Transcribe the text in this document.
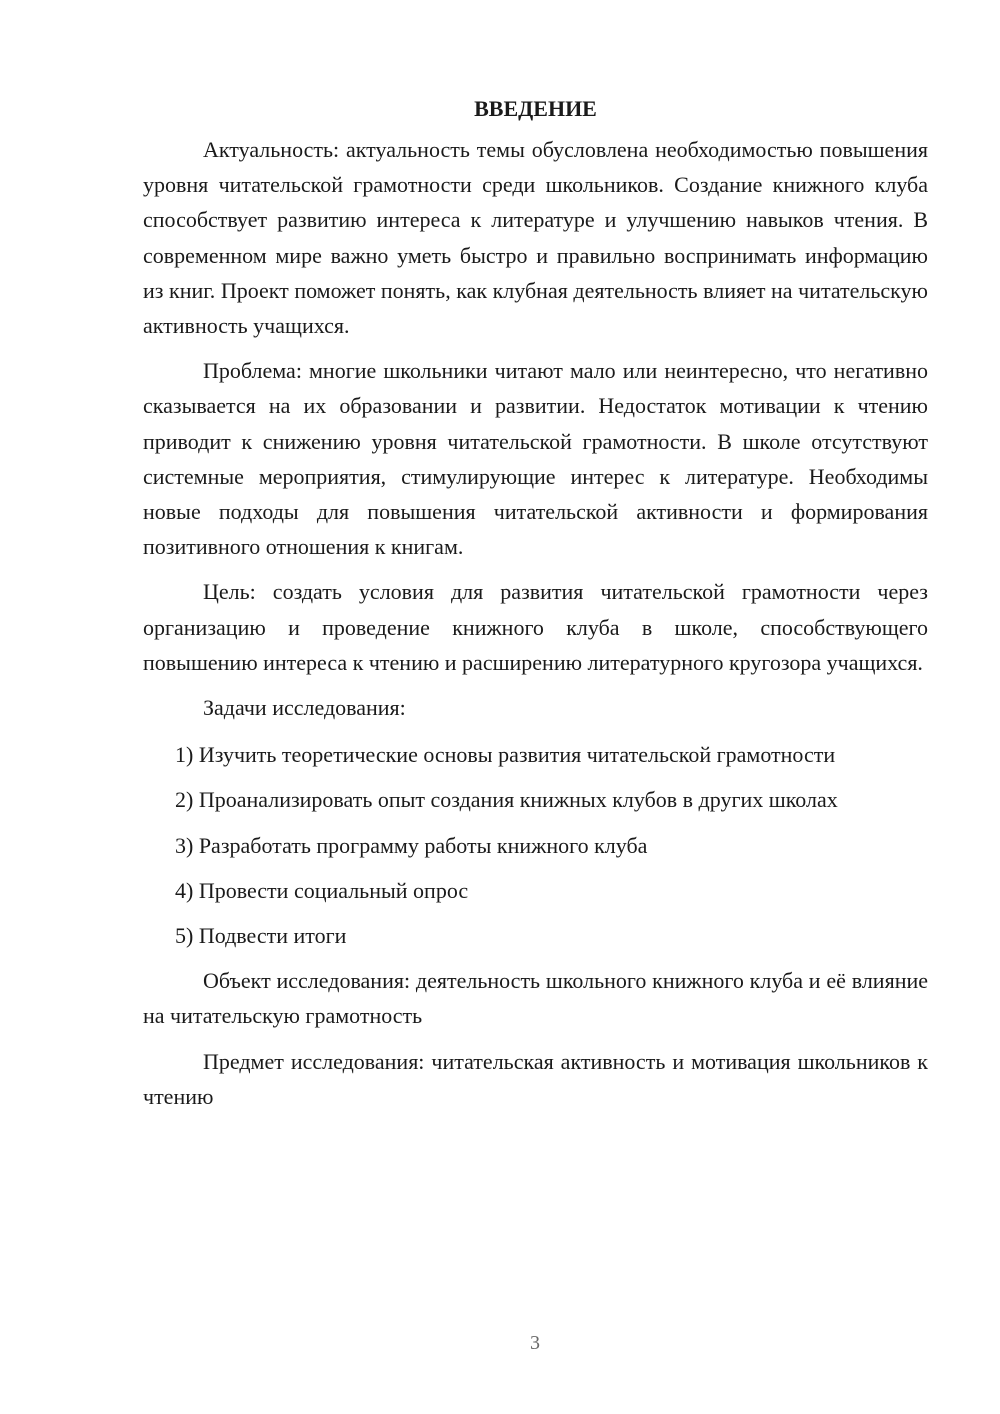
ВВЕДЕНИЕ

Актуальность: актуальность темы обусловлена необходимостью повышения уровня читательской грамотности среди школьников. Создание книжного клуба способствует развитию интереса к литературе и улучшению навыков чтения. В современном мире важно уметь быстро и правильно воспринимать информацию из книг. Проект поможет понять, как клубная деятельность влияет на читательскую активность учащихся.

Проблема: многие школьники читают мало или неинтересно, что негативно сказывается на их образовании и развитии. Недостаток мотивации к чтению приводит к снижению уровня читательской грамотности. В школе отсутствуют системные мероприятия, стимулирующие интерес к литературе. Необходимы новые подходы для повышения читательской активности и формирования позитивного отношения к книгам.

Цель: создать условия для развития читательской грамотности через организацию и проведение книжного клуба в школе, способствующего повышению интереса к чтению и расширению литературного кругозора учащихся.

Задачи исследования:

1) Изучить теоретические основы развития читательской грамотности

2) Проанализировать опыт создания книжных клубов в других школах

3) Разработать программу работы книжного клуба

4) Провести социальный опрос

5) Подвести итоги

Объект исследования: деятельность школьного книжного клуба и её влияние на читательскую грамотность

Предмет исследования: читательская активность и мотивация школьников к чтению

3
